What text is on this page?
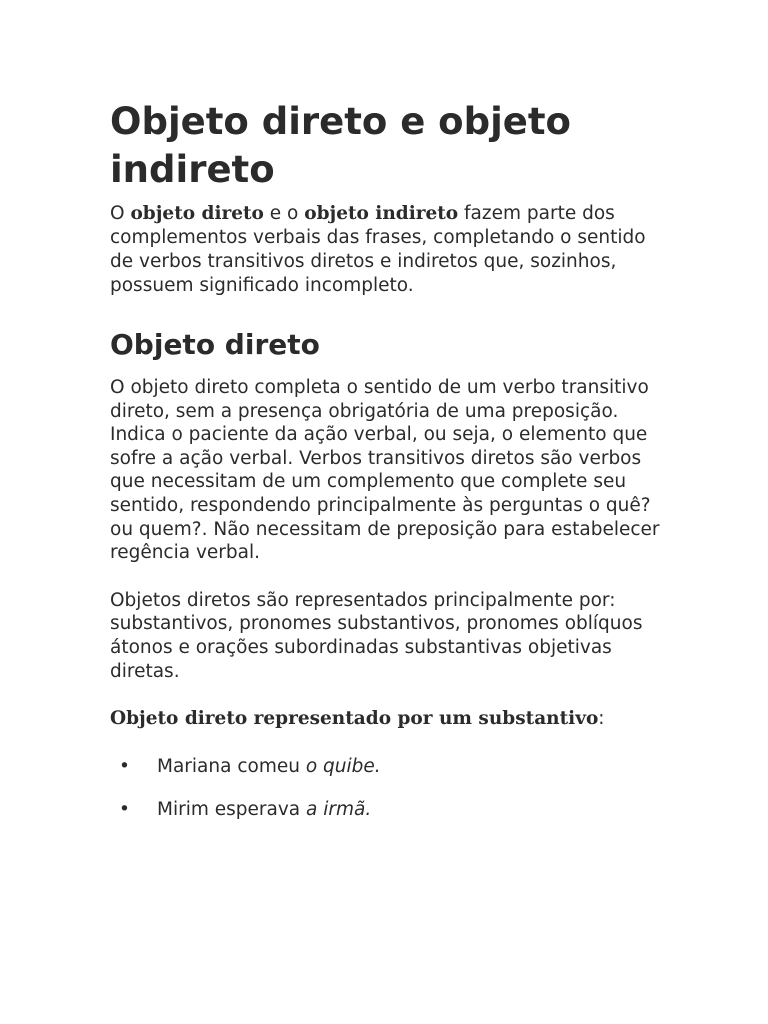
Objeto direto e objeto indireto
O objeto direto e o objeto indireto fazem parte dos complementos verbais das frases, completando o sentido de verbos transitivos diretos e indiretos que, sozinhos, possuem significado incompleto.
Objeto direto

O objeto direto completa o sentido de um verbo transitivo direto, sem a presença obrigatória de uma preposição. Indica o paciente da ação verbal, ou seja, o elemento que sofre a ação verbal. Verbos transitivos diretos são verbos que necessitam de um complemento que complete seu sentido, respondendo principalmente às perguntas o quê? ou quem?. Não necessitam de preposição para estabelecer regência verbal.

Objetos diretos são representados principalmente por: substantivos, pronomes substantivos, pronomes oblíquos átonos e orações subordinadas substantivas objetivas diretas.

Objeto direto representado por um substantivo:
• Mariana comeu o quibe.
• Mirim esperava a irmã.
